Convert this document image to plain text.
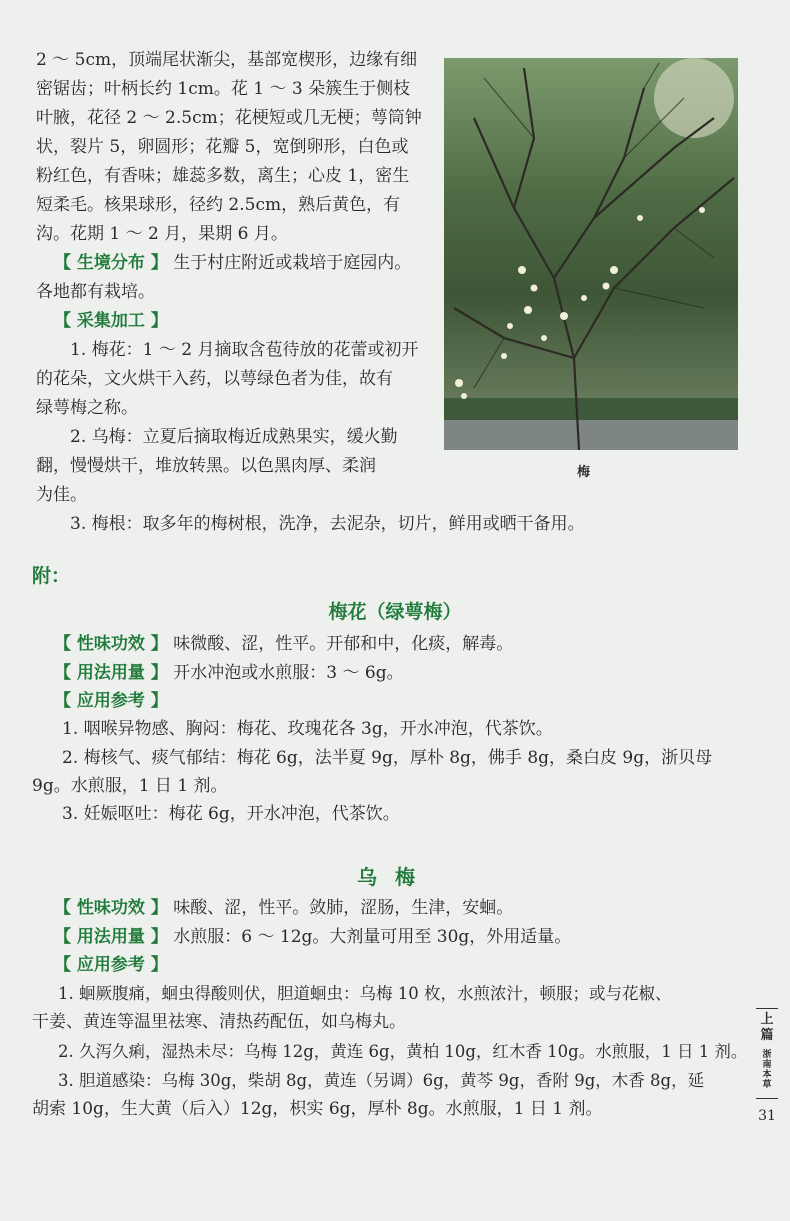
2 ～ 5cm，顶端尾状渐尖，基部宽楔形，边缘有细
密锯齿；叶柄长约 1cm。花 1 ～ 3 朵簇生于侧枝
叶腋，花径 2 ～ 2.5cm；花梗短或几无梗；萼筒钟
状，裂片 5，卵圆形；花瓣 5，宽倒卵形，白色或
粉红色，有香味；雄蕊多数，离生；心皮 1，密生
短柔毛。核果球形，径约 2.5cm，熟后黄色，有
沟。花期 1 ～ 2 月，果期 6 月。
【 生境分布 】 生于村庄附近或栽培于庭园内。
各地都有栽培。
【 采集加工 】
1. 梅花：1 ～ 2 月摘取含苞待放的花蕾或初开
的花朵，文火烘干入药，以萼绿色者为佳，故有
绿萼梅之称。
2. 乌梅：立夏后摘取梅近成熟果实，缓火勤
翻，慢慢烘干，堆放转黑。以色黑肉厚、柔润
为佳。
3. 梅根：取多年的梅树根，洗净，去泥杂，切片，鲜用或晒干备用。
梅
附：
梅花（绿萼梅）
【 性味功效 】 味微酸、涩，性平。开郁和中，化痰，解毒。
【 用法用量 】 开水冲泡或水煎服：3 ～ 6g。
【 应用参考 】
1. 咽喉异物感、胸闷：梅花、玫瑰花各 3g，开水冲泡，代茶饮。
2. 梅核气、痰气郁结：梅花 6g，法半夏 9g，厚朴 8g，佛手 8g，桑白皮 9g，浙贝母
9g。水煎服，1 日 1 剂。
3. 妊娠呕吐：梅花 6g，开水冲泡，代茶饮。
乌梅
【 性味功效 】 味酸、涩，性平。敛肺，涩肠，生津，安蛔。
【 用法用量 】 水煎服：6 ～ 12g。大剂量可用至 30g，外用适量。
【 应用参考 】
1. 蛔厥腹痛，蛔虫得酸则伏，胆道蛔虫：乌梅 10 枚，水煎浓汁，顿服；或与花椒、
干姜、黄连等温里祛寒、清热药配伍，如乌梅丸。
2. 久泻久痢，湿热未尽：乌梅 12g，黄连 6g，黄柏 10g，红木香 10g。水煎服，1 日 1 剂。
3. 胆道感染：乌梅 30g，柴胡 8g，黄连（另调）6g，黄芩 9g，香附 9g，木香 8g，延
胡索 10g，生大黄（后入）12g，枳实 6g，厚朴 8g。水煎服，1 日 1 剂。
上篇
浙南本草
31
